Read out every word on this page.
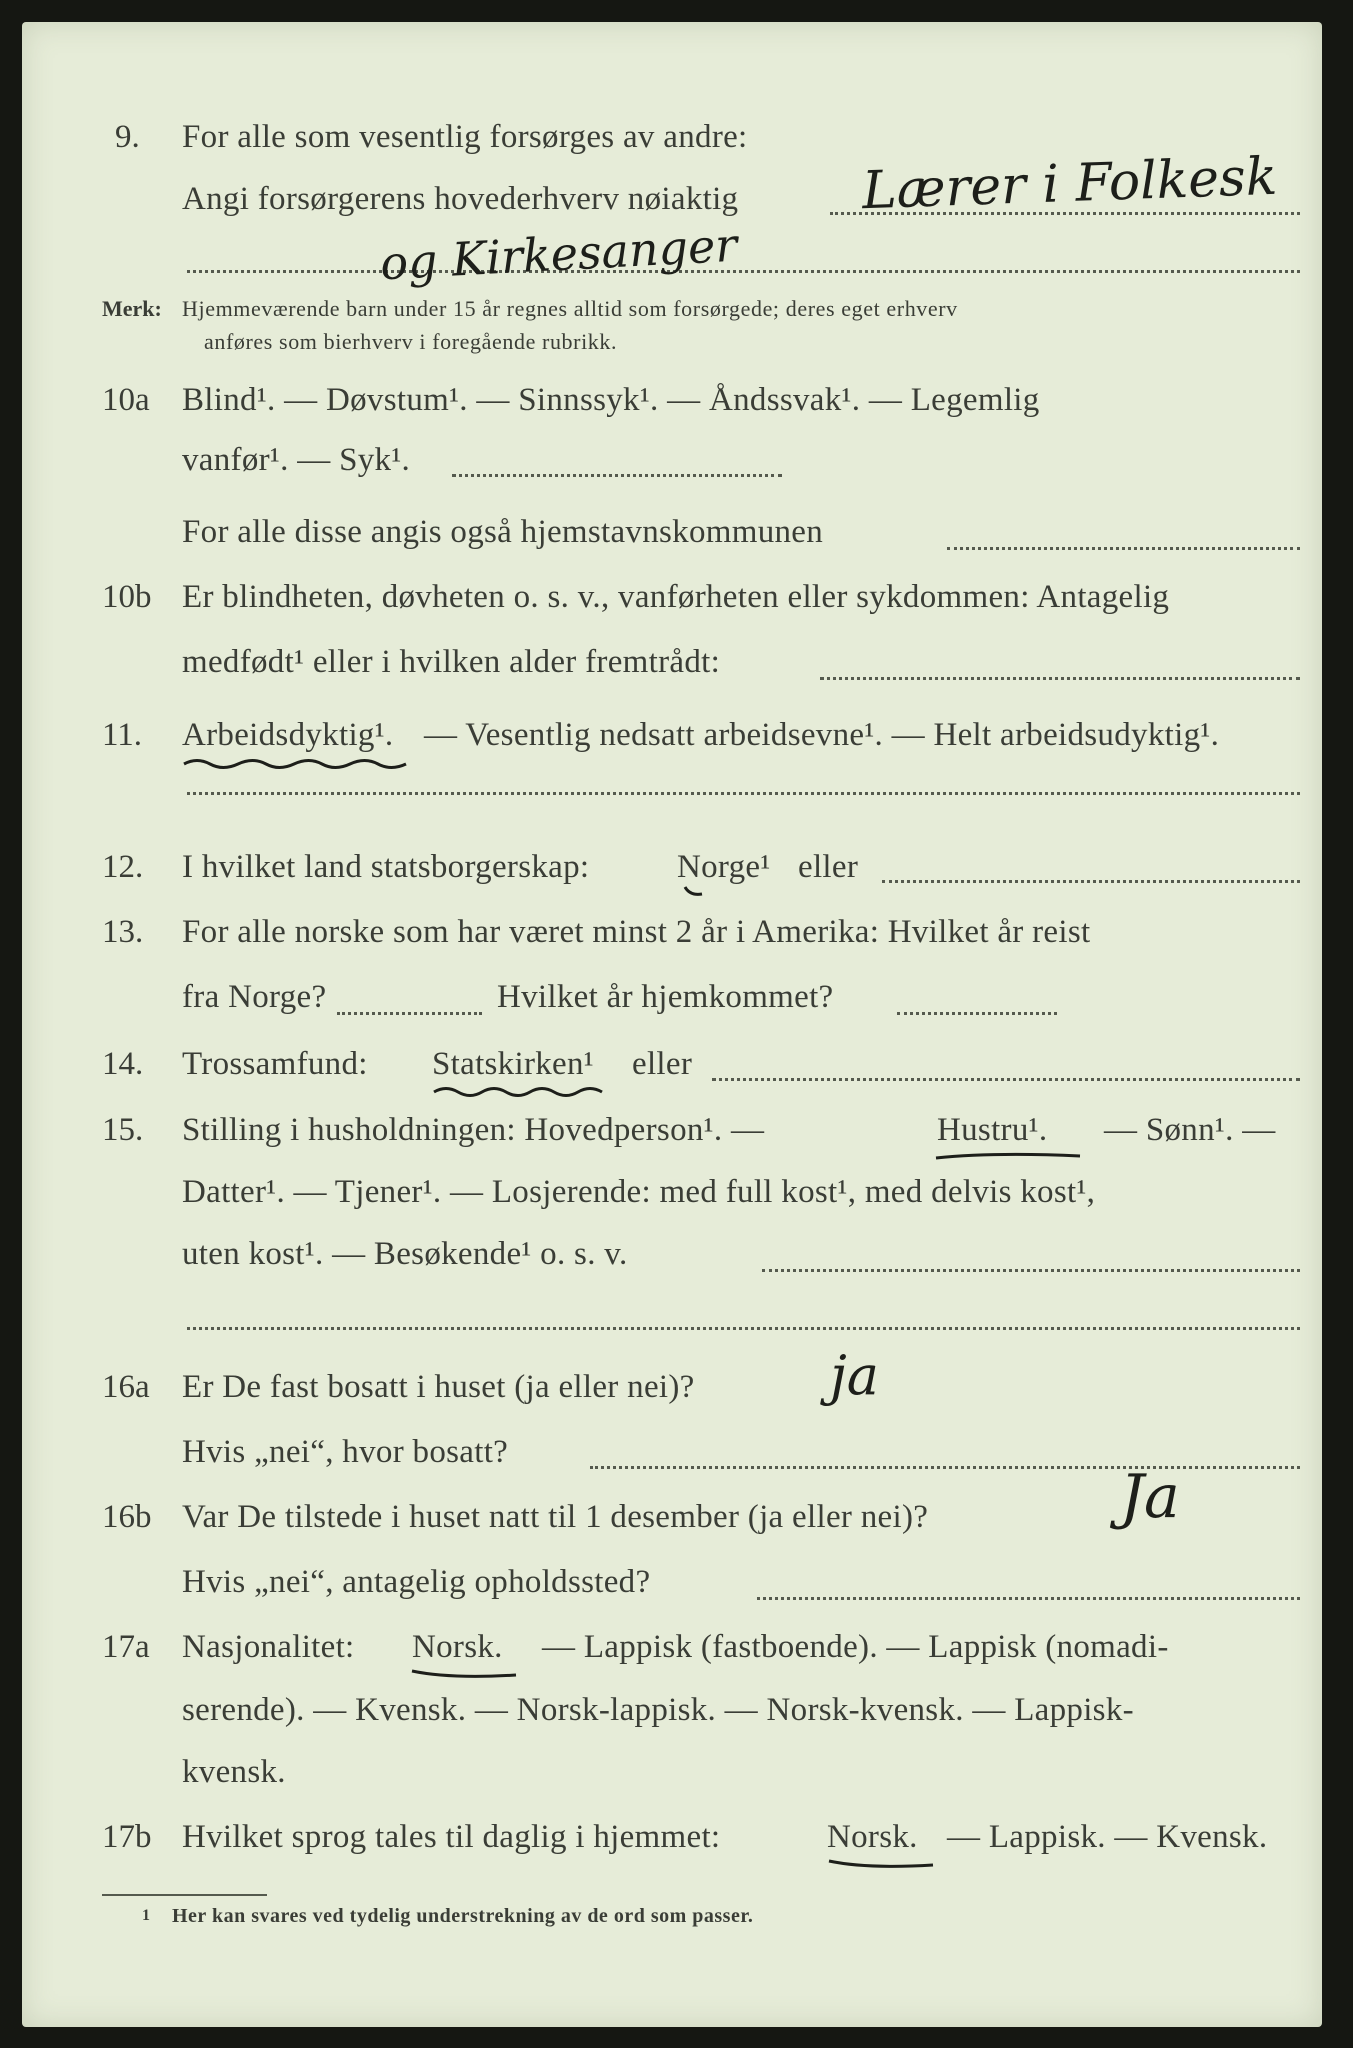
9. For alle som vesentlig forsørges av andre:
Angi forsørgerens hovederhverv nøiaktig Lærer i Folkesk
og Kirkesanger
Merk: Hjemmeværende barn under 15 år regnes alltid som forsørgede; deres eget erhverv
anføres som bierhverv i foregående rubrikk.
10a Blind¹. — Døvstum¹. — Sinnssyk¹. — Åndssvak¹. — Legemlig
vanfør¹. — Syk¹.
For alle disse angis også hjemstavnskommunen
10b Er blindheten, døvheten o. s. v., vanførheten eller sykdommen: Antagelig
medfødt¹ eller i hvilken alder fremtrådt:
11. Arbeidsdyktig¹. — Vesentlig nedsatt arbeidsevne¹. — Helt arbeidsudyktig¹.
12. I hvilket land statsborgerskap:	Norge¹ eller
13. For alle norske som har været minst 2 år i Amerika: Hvilket år reist
fra Norge?	Hvilket år hjemkommet?
14. Trossamfund: Statskirken¹ eller
15. Stilling i husholdningen: Hovedperson¹. —	Hustru¹. — Sønn¹. —
Datter¹. — Tjener¹. — Losjerende: med full kost¹, med delvis kost¹,
uten kost¹. — Besøkende¹ o. s. v.
16a Er De fast bosatt i huset (ja eller nei)?	ja
Hvis „nei“, hvor bosatt?
16b Var De tilstede i huset natt til 1 desember (ja eller nei)?	Ja
Hvis „nei“, antagelig opholdssted?
17a Nasjonalitet: Norsk. — Lappisk (fastboende). — Lappisk (nomadi-
serende). — Kvensk. — Norsk-lappisk. — Norsk-kvensk. — Lappisk-
kvensk.
17b Hvilket sprog tales til daglig i hjemmet:	Norsk. — Lappisk. — Kvensk.
1 Her kan svares ved tydelig understrekning av de ord som passer.
